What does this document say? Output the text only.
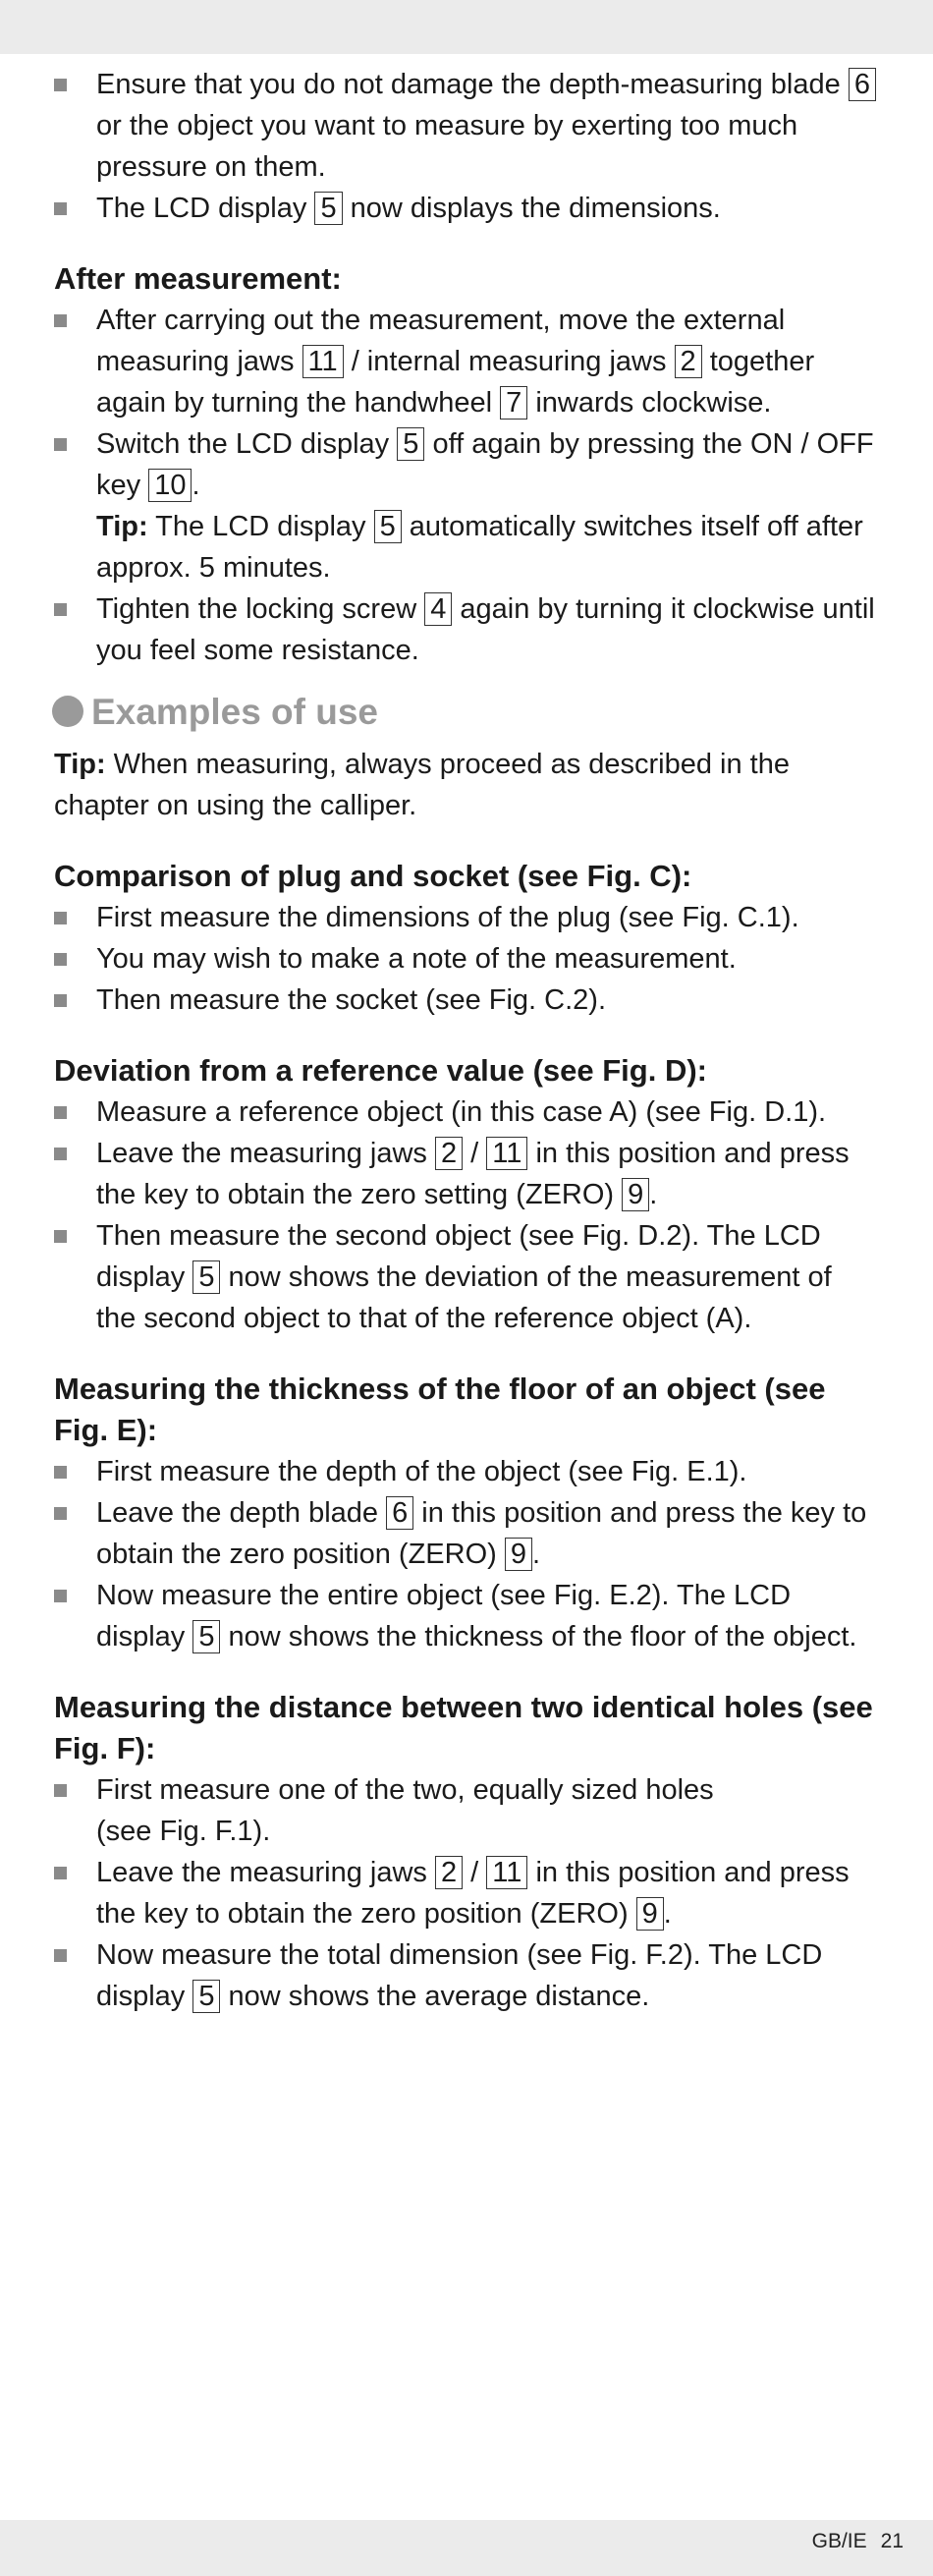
Ensure that you do not damage the depth-measuring blade 6 or the object you want to measure by exerting too much pressure on them.
The LCD display 5 now displays the dimensions.
After measurement:
After carrying out the measurement, move the external measuring jaws 11 / internal measuring jaws 2 together again by turning the handwheel 7 inwards clockwise.
Switch the LCD display 5 off again by pressing the ON / OFF key 10 .
Tip: The LCD display 5 automatically switches itself off after approx. 5 minutes.
Tighten the locking screw 4 again by turning it clockwise until you feel some resistance.
Examples of use

Tip: When measuring, always proceed as described in the chapter on using the calliper.

Comparison of plug and socket (see Fig. C):
First measure the dimensions of the plug (see Fig. C.1).
You may wish to make a note of the measurement.
Then measure the socket (see Fig. C.2).
Deviation from a reference value (see Fig. D):
Measure a reference object (in this case A) (see Fig. D.1).
Leave the measuring jaws 2 / 11 in this position and press the key to obtain the zero setting (ZERO) 9 .
Then measure the second object (see Fig. D.2). The LCD display 5 now shows the deviation of the measurement of the second object to that of the reference object (A).
Measuring the thickness of the floor of an object (see Fig. E):
First measure the depth of the object (see Fig. E.1).
Leave the depth blade 6 in this position and press the key to obtain the zero position (ZERO) 9 .
Now measure the entire object (see Fig. E.2). The LCD display 5 now shows the thickness of the floor of the object.
Measuring the distance between two identical holes (see Fig. F):
First measure one of the two, equally sized holes
(see Fig. F.1).
Leave the measuring jaws 2 / 11 in this position and press the key to obtain the zero position (ZERO) 9 .
Now measure the total dimension (see Fig. F.2). The LCD display 5 now shows the average distance.
GB/IE 21
